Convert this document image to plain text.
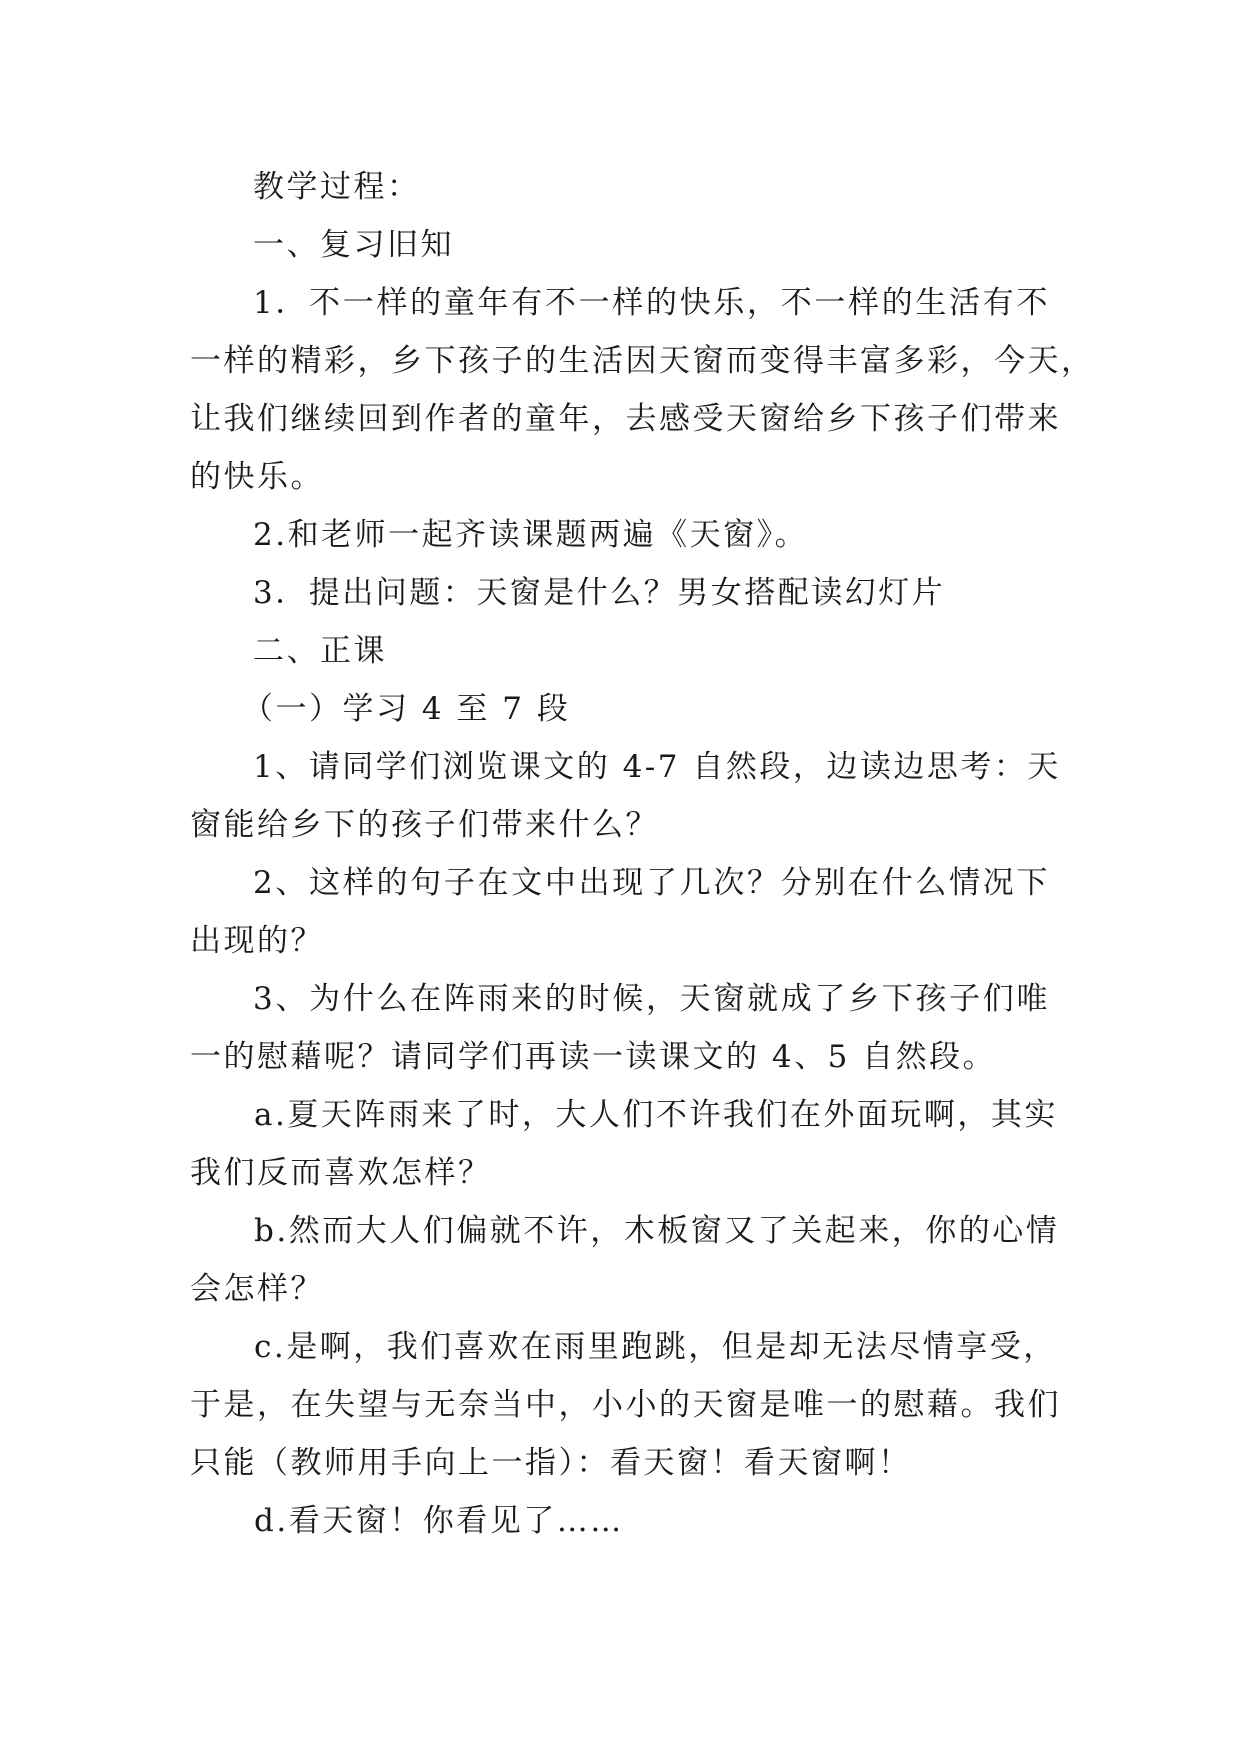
教学过程：

一、复习旧知

1．不一样的童年有不一样的快乐，不一样的生活有不

一样的精彩，乡下孩子的生活因天窗而变得丰富多彩，今天，

让我们继续回到作者的童年，去感受天窗给乡下孩子们带来

的快乐。

2.和老师一起齐读课题两遍《天窗》。

3．提出问题：天窗是什么？男女搭配读幻灯片

二、正课

（一）学习 4 至 7 段

1、请同学们浏览课文的 4-7 自然段，边读边思考：天

窗能给乡下的孩子们带来什么？

2、这样的句子在文中出现了几次？分别在什么情况下

出现的？

3、为什么在阵雨来的时候，天窗就成了乡下孩子们唯

一的慰藉呢？请同学们再读一读课文的 4、5 自然段。

a.夏天阵雨来了时，大人们不许我们在外面玩啊，其实

我们反而喜欢怎样？

b.然而大人们偏就不许，木板窗又了关起来，你的心情

会怎样？

c.是啊，我们喜欢在雨里跑跳，但是却无法尽情享受，

于是，在失望与无奈当中，小小的天窗是唯一的慰藉。我们

只能（教师用手向上一指）：看天窗！看天窗啊！

d.看天窗！你看见了……
